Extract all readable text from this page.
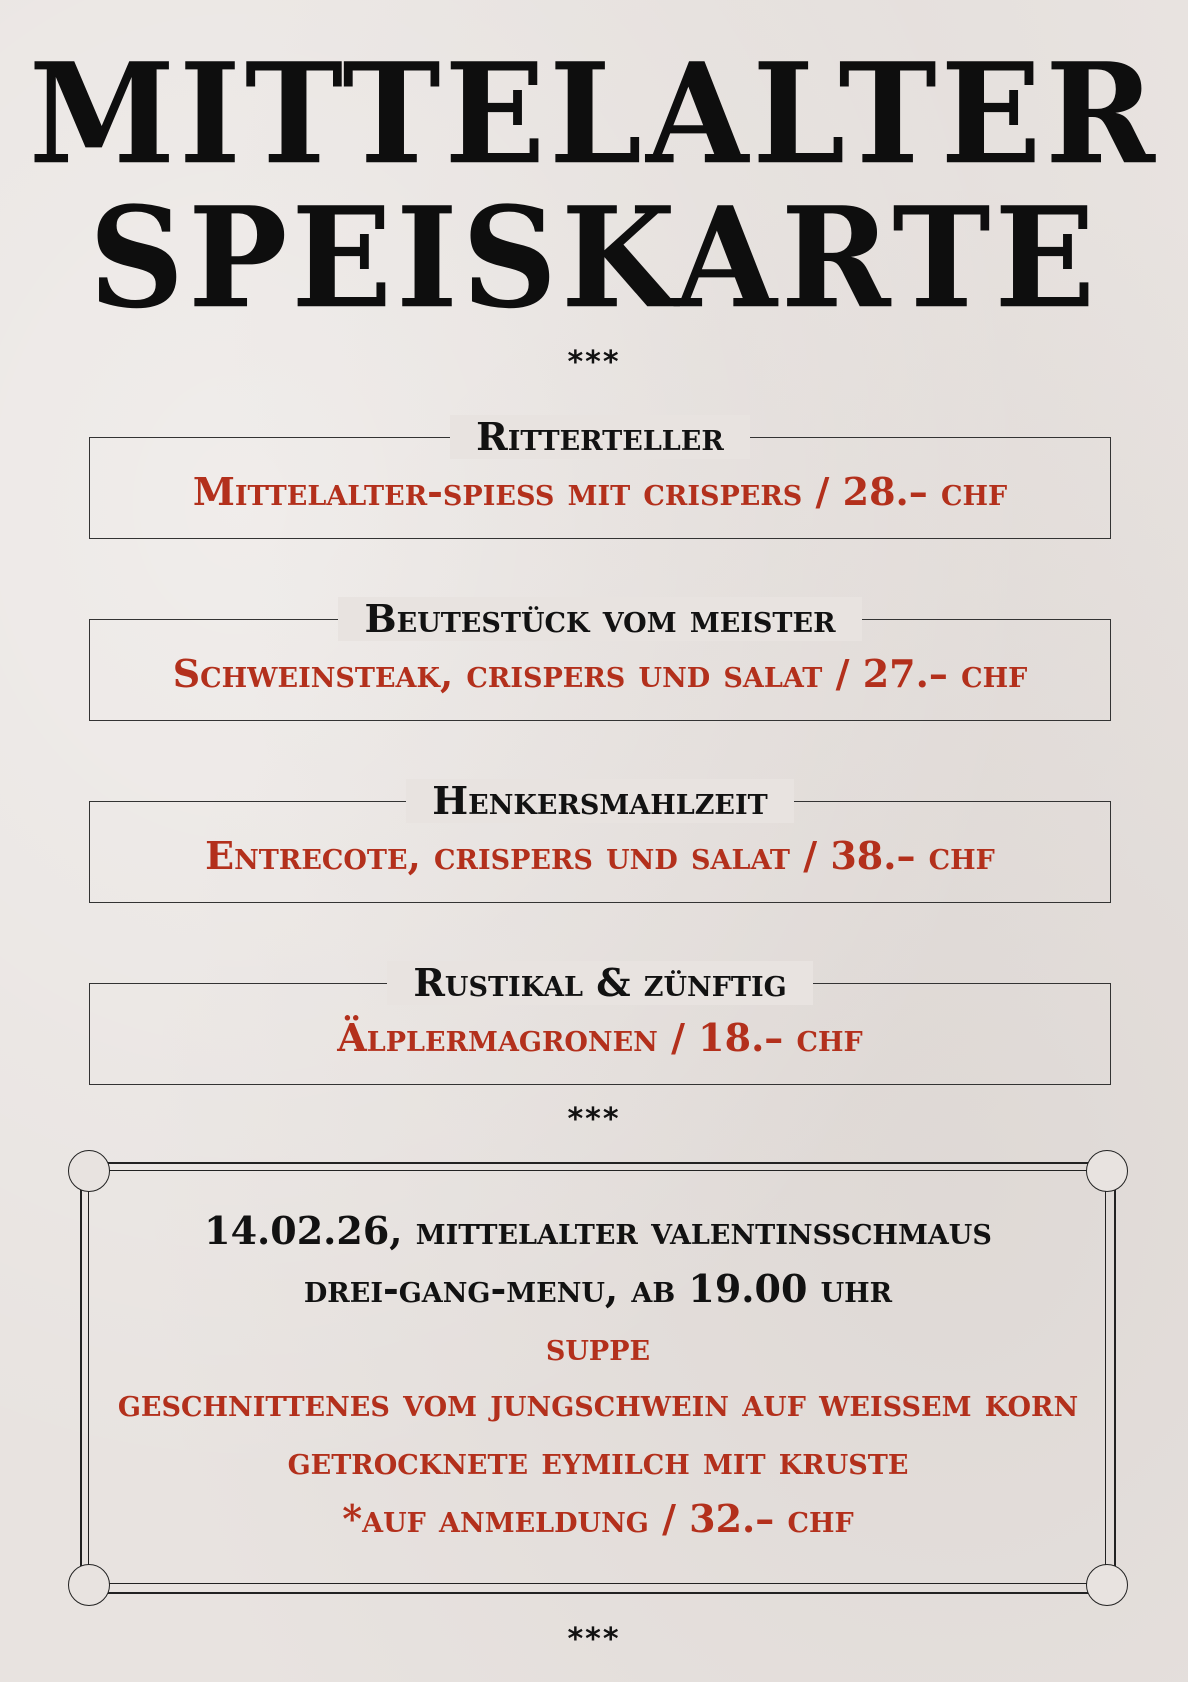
MITTELALTER
SPEISKARTE
***
Ritterteller
Mittelalter-spiess mit crispers / 28.– chf
Beutestück vom meister
Schweinsteak, crispers und salat / 27.– chf
Henkersmahlzeit
Entrecote, crispers und salat / 38.– chf
Rustikal & zünftig
Älplermagronen / 18.– chf
***
14.02.26, mittelalter valentinsschmaus
drei-gang-menu, ab 19.00 uhr
suppe
geschnittenes vom jungschwein auf weissem korn
getrocknete eymilch mit kruste
*auf anmeldung / 32.– chf
***
